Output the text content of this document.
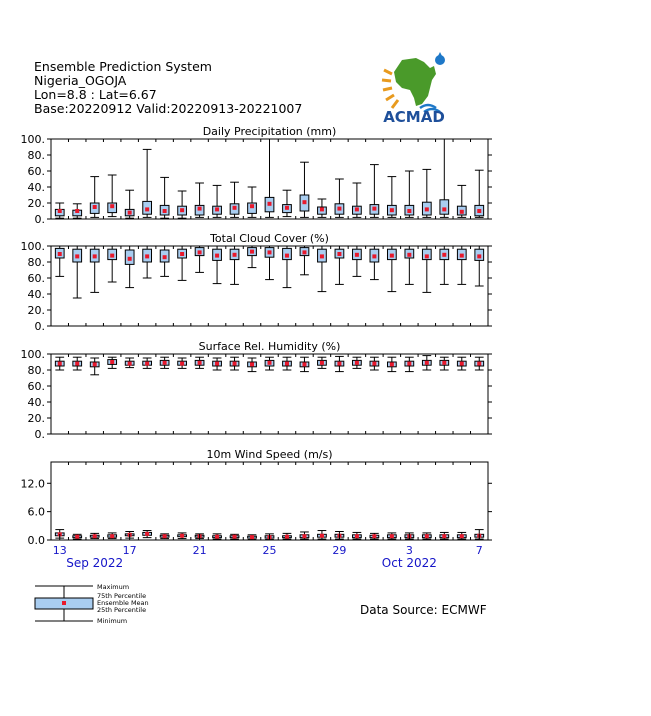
Ensemble Prediction System
Nigeria_OGOJA
Lon=8.8 : Lat=6.67
Base:20220912 Valid:20220913-20221007	ACMAD
Daily Precipitation (mm)
0.
20.
40.
60.
80.
100.
Total Cloud Cover (%)
0.
20.
40.
60.
80.
100.
Surface Rel. Humidity (%)
0.
20.
40.
60.
80.
100.
10m Wind Speed (m/s)
0.0
6.0
12.0
13	17	21	25	29	3	7
Sep 2022	Oct 2022
Maximum
75th Percentile
Ensemble Mean
25th Percentile
Minimum
Data Source: ECMWF
